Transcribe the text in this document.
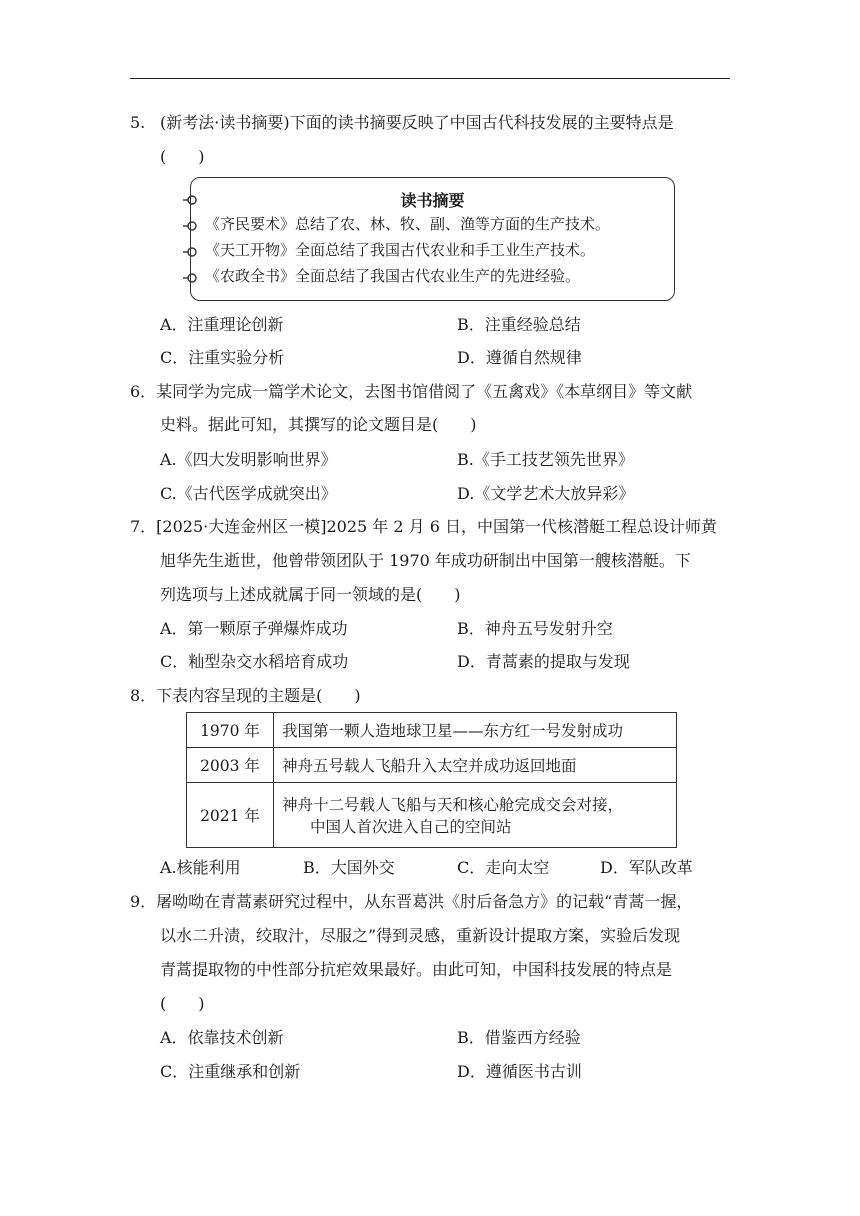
5. (新考法·读书摘要)下面的读书摘要反映了中国古代科技发展的主要特点是
(　　)
读书摘要
《齐民要术》总结了农、林、牧、副、渔等方面的生产技术。
《天工开物》全面总结了我国古代农业和手工业生产技术。
《农政全书》全面总结了我国古代农业生产的先进经验。
A．注重理论创新	B．注重经验总结
C．注重实验分析	D．遵循自然规律
6．某同学为完成一篇学术论文，去图书馆借阅了《五禽戏》《本草纲目》等文献
史料。据此可知，其撰写的论文题目是(　　)
A.《四大发明影响世界》	B.《手工技艺领先世界》
C.《古代医学成就突出》	D.《文学艺术大放异彩》
7．[2025·大连金州区一模]2025 年 2 月 6 日，中国第一代核潜艇工程总设计师黄
旭华先生逝世，他曾带领团队于 1970 年成功研制出中国第一艘核潜艇。下
列选项与上述成就属于同一领域的是(　　)
A．第一颗原子弹爆炸成功	B．神舟五号发射升空
C．籼型杂交水稻培育成功	D．青蒿素的提取与发现
8．下表内容呈现的主题是(　　)
1970 年	我国第一颗人造地球卫星——东方红一号发射成功
2003 年	神舟五号载人飞船升入太空并成功返回地面
2021 年	神舟十二号载人飞船与天和核心舱完成交会对接，
中国人首次进入自己的空间站
A.核能利用	B．大国外交	C．走向太空	D．军队改革
9．屠呦呦在青蒿素研究过程中，从东晋葛洪《肘后备急方》的记载“青蒿一握，
以水二升渍，绞取汁，尽服之”得到灵感，重新设计提取方案，实验后发现
青蒿提取物的中性部分抗疟效果最好。由此可知，中国科技发展的特点是
(　　)
A．依靠技术创新	B．借鉴西方经验
C．注重继承和创新	D．遵循医书古训
